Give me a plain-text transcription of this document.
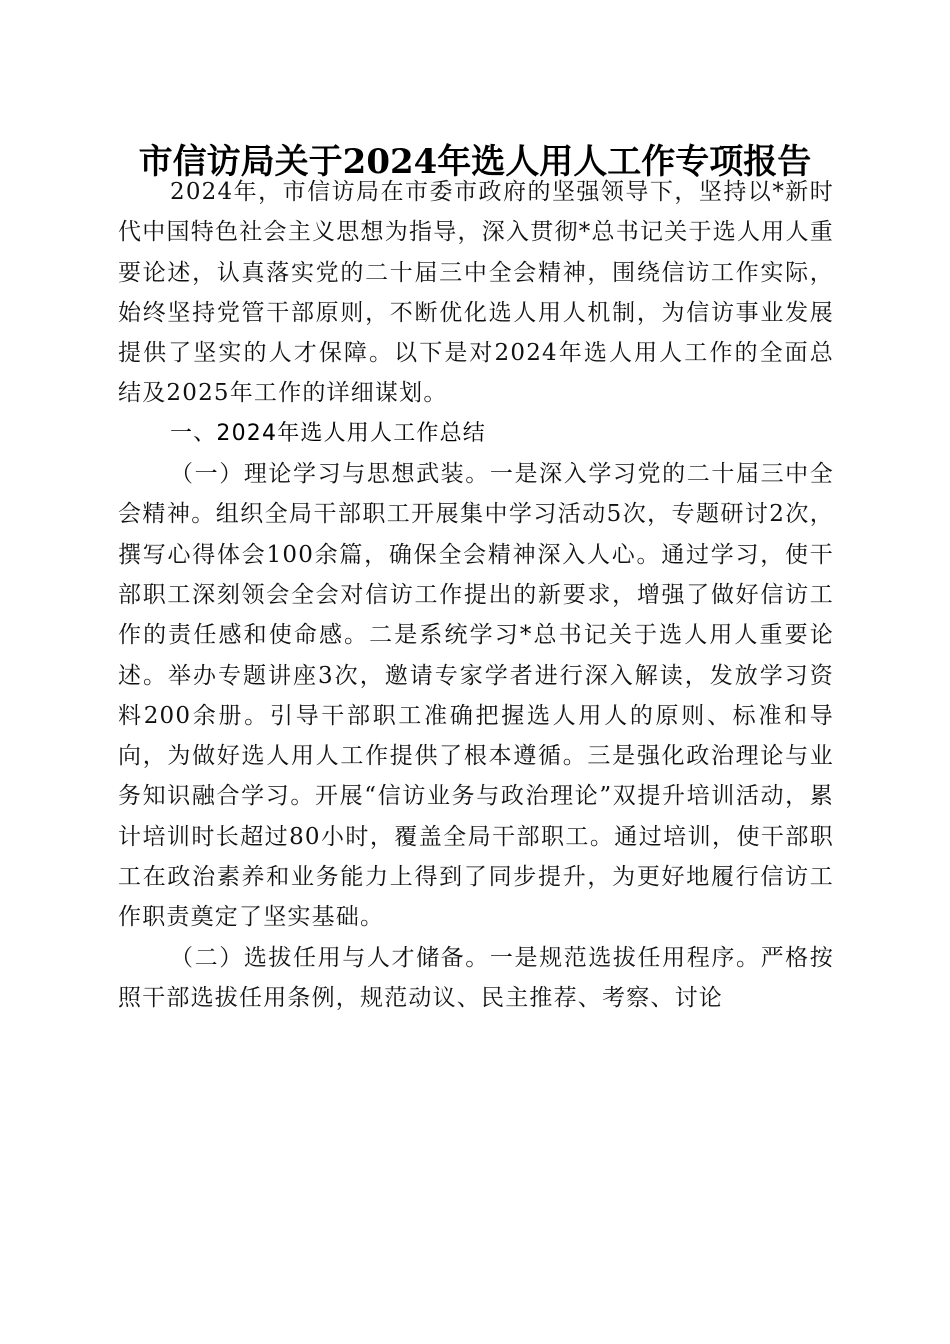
市信访局关于2024年选人用人工作专项报告

2024年，市信访局在市委市政府的坚强领导下，坚持以*新时代中国特色社会主义思想为指导，深入贯彻*总书记关于选人用人重要论述，认真落实党的二十届三中全会精神，围绕信访工作实际，始终坚持党管干部原则，不断优化选人用人机制，为信访事业发展提供了坚实的人才保障。以下是对2024年选人用人工作的全面总结及2025年工作的详细谋划。

一、2024年选人用人工作总结

（一）理论学习与思想武装。一是深入学习党的二十届三中全会精神。组织全局干部职工开展集中学习活动5次，专题研讨2次，撰写心得体会100余篇，确保全会精神深入人心。通过学习，使干部职工深刻领会全会对信访工作提出的新要求，增强了做好信访工作的责任感和使命感。二是系统学习*总书记关于选人用人重要论述。举办专题讲座3次，邀请专家学者进行深入解读，发放学习资料200余册。引导干部职工准确把握选人用人的原则、标准和导向，为做好选人用人工作提供了根本遵循。三是强化政治理论与业务知识融合学习。开展“信访业务与政治理论”双提升培训活动，累计培训时长超过80小时，覆盖全局干部职工。通过培训，使干部职工在政治素养和业务能力上得到了同步提升，为更好地履行信访工作职责奠定了坚实基础。

（二）选拔任用与人才储备。一是规范选拔任用程序。严格按照干部选拔任用条例，规范动议、民主推荐、考察、讨论
